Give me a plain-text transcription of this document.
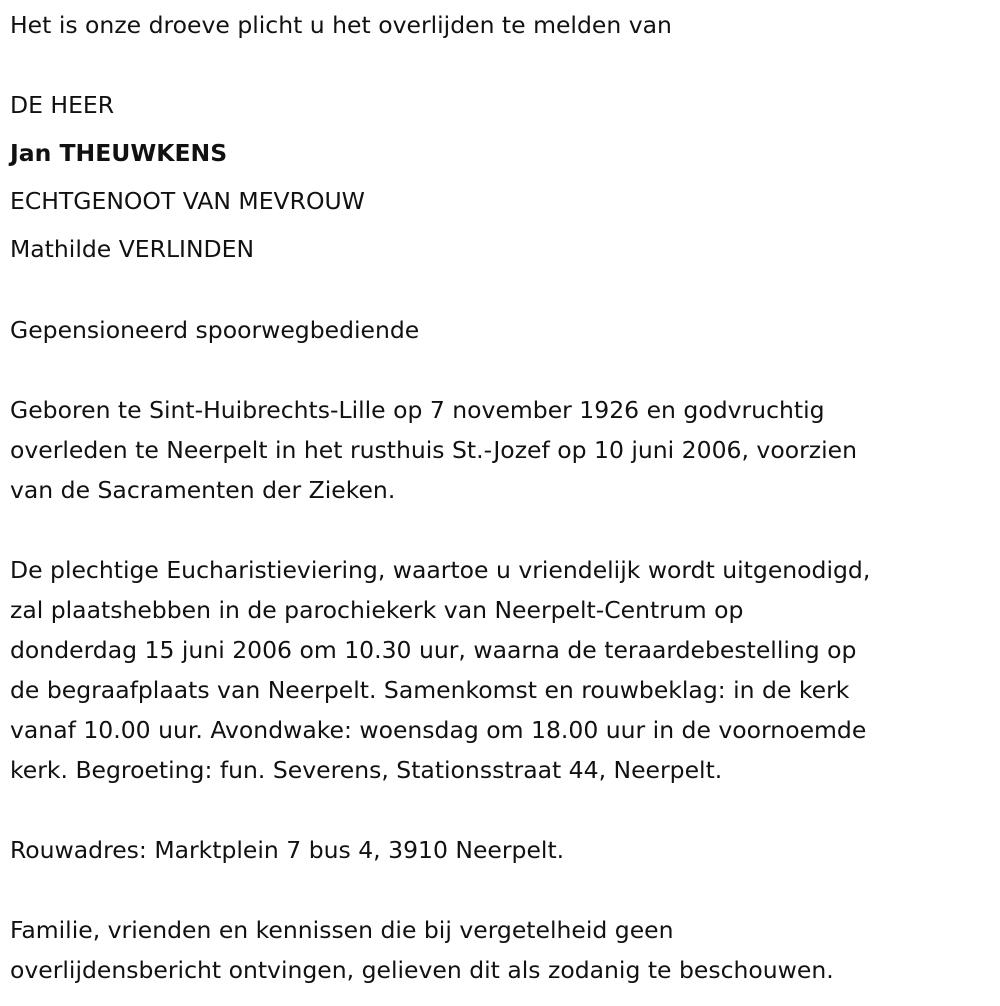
Het is onze droeve plicht u het overlijden te melden van
DE HEER
Jan THEUWKENS
ECHTGENOOT VAN MEVROUW
Mathilde VERLINDEN
Gepensioneerd spoorwegbediende
Geboren te Sint-Huibrechts-Lille op 7 november 1926 en godvruchtig
overleden te Neerpelt in het rusthuis St.-Jozef op 10 juni 2006, voorzien
van de Sacramenten der Zieken.
De plechtige Eucharistieviering, waartoe u vriendelijk wordt uitgenodigd,
zal plaatshebben in de parochiekerk van Neerpelt-Centrum op
donderdag 15 juni 2006 om 10.30 uur, waarna de teraardebestelling op
de begraafplaats van Neerpelt. Samenkomst en rouwbeklag: in de kerk
vanaf 10.00 uur. Avondwake: woensdag om 18.00 uur in de voornoemde
kerk. Begroeting: fun. Severens, Stationsstraat 44, Neerpelt.
Rouwadres: Marktplein 7 bus 4, 3910 Neerpelt.
Familie, vrienden en kennissen die bij vergetelheid geen
overlijdensbericht ontvingen, gelieven dit als zodanig te beschouwen.
